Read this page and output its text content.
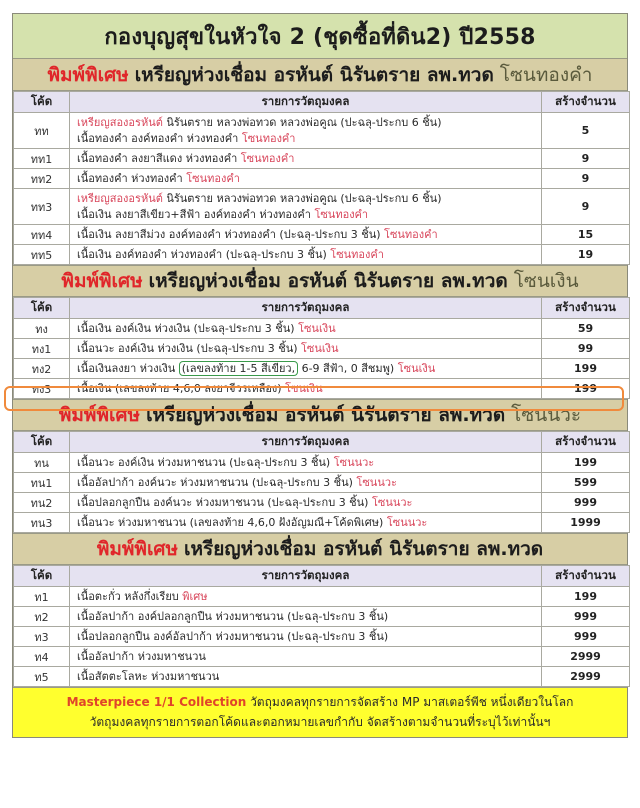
กองบุญสุขในหัวใจ 2 (ชุดซื้อที่ดิน2) ปี2558
พิมพ์พิเศษ เหรียญห่วงเชื่อม อรหันต์ นิรันตราย ลพ.ทวด โซนทองคำ
โค้ด	รายการวัตถุมงคล	สร้างจำนวน
ทท	เหรียญสองอรหันต์ นิรันตราย หลวงพ่อทวด หลวงพ่อคูณ (ปะฉลุ-ประกบ 6 ชิ้น)
เนื้อทองคำ องค์ทองคำ ห่วงทองคำ โซนทองคำ	5
ทท1	เนื้อทองคำ ลงยาสีแดง ห่วงทองคำ โซนทองคำ	9
ทท2	เนื้อทองคำ ห่วงทองคำ โซนทองคำ	9
ทท3	เหรียญสองอรหันต์ นิรันตราย หลวงพ่อทวด หลวงพ่อคูณ (ปะฉลุ-ประกบ 6 ชิ้น)
เนื้อเงิน ลงยาสีเขียว+สีฟ้า องค์ทองคำ ห่วงทองคำ โซนทองคำ	9
ทท4	เนื้อเงิน ลงยาสีม่วง องค์ทองคำ ห่วงทองคำ (ปะฉลุ-ประกบ 3 ชิ้น) โซนทองคำ	15
ทท5	เนื้อเงิน องค์ทองคำ ห่วงทองคำ (ปะฉลุ-ประกบ 3 ชิ้น) โซนทองคำ	19
พิมพ์พิเศษ เหรียญห่วงเชื่อม อรหันต์ นิรันตราย ลพ.ทวด โซนเงิน
โค้ด	รายการวัตถุมงคล	สร้างจำนวน
ทง	เนื้อเงิน องค์เงิน ห่วงเงิน (ปะฉลุ-ประกบ 3 ชิ้น) โซนเงิน	59
ทง1	เนื้อนวะ องค์เงิน ห่วงเงิน (ปะฉลุ-ประกบ 3 ชิ้น) โซนเงิน	99
ทง2	เนื้อเงินลงยา ห่วงเงิน (เลขลงท้าย 1-5 สีเขียว, 6-9 สีฟ้า, 0 สีชมพู) โซนเงิน	199
ทง3	เนื้อเงิน (เลขลงท้าย 4,6,0 ลงยาจีวรเหลือง) โซนเงิน	199
พิมพ์พิเศษ เหรียญห่วงเชื่อม อรหันต์ นิรันตราย ลพ.ทวด โซนนวะ
โค้ด	รายการวัตถุมงคล	สร้างจำนวน
ทน	เนื้อนวะ องค์เงิน ห่วงมหาชนวน (ปะฉลุ-ประกบ 3 ชิ้น) โซนนวะ	199
ทน1	เนื้ออัลปาก้า องค์นวะ ห่วงมหาชนวน (ปะฉลุ-ประกบ 3 ชิ้น) โซนนวะ	599
ทน2	เนื้อปลอกลูกปืน องค์นวะ ห่วงมหาชนวน (ปะฉลุ-ประกบ 3 ชิ้น) โซนนวะ	999
ทน3	เนื้อนวะ ห่วงมหาชนวน (เลขลงท้าย 4,6,0 ฝังอัญมณี+โค้ดพิเศษ) โซนนวะ	1999
พิมพ์พิเศษ เหรียญห่วงเชื่อม อรหันต์ นิรันตราย ลพ.ทวด
โค้ด	รายการวัตถุมงคล	สร้างจำนวน
ท1	เนื้อตะกั่ว หลังกึ่งเรียบ พิเศษ	199
ท2	เนื้ออัลปาก้า องค์ปลอกลูกปืน ห่วงมหาชนวน (ปะฉลุ-ประกบ 3 ชิ้น)	999
ท3	เนื้อปลอกลูกปืน องค์อัลปาก้า ห่วงมหาชนวน (ปะฉลุ-ประกบ 3 ชิ้น)	999
ท4	เนื้ออัลปาก้า ห่วงมหาชนวน	2999
ท5	เนื้อสัตตะโลหะ ห่วงมหาชนวน	2999
Masterpiece 1/1 Collection วัตถุมงคลทุกรายการจัดสร้าง MP มาสเตอร์พีช หนึ่งเดียวในโลก
วัตถุมงคลทุกรายการตอกโค้ดและตอกหมายเลขกำกับ จัดสร้างตามจำนวนที่ระบุไว้เท่านั้นฯ
